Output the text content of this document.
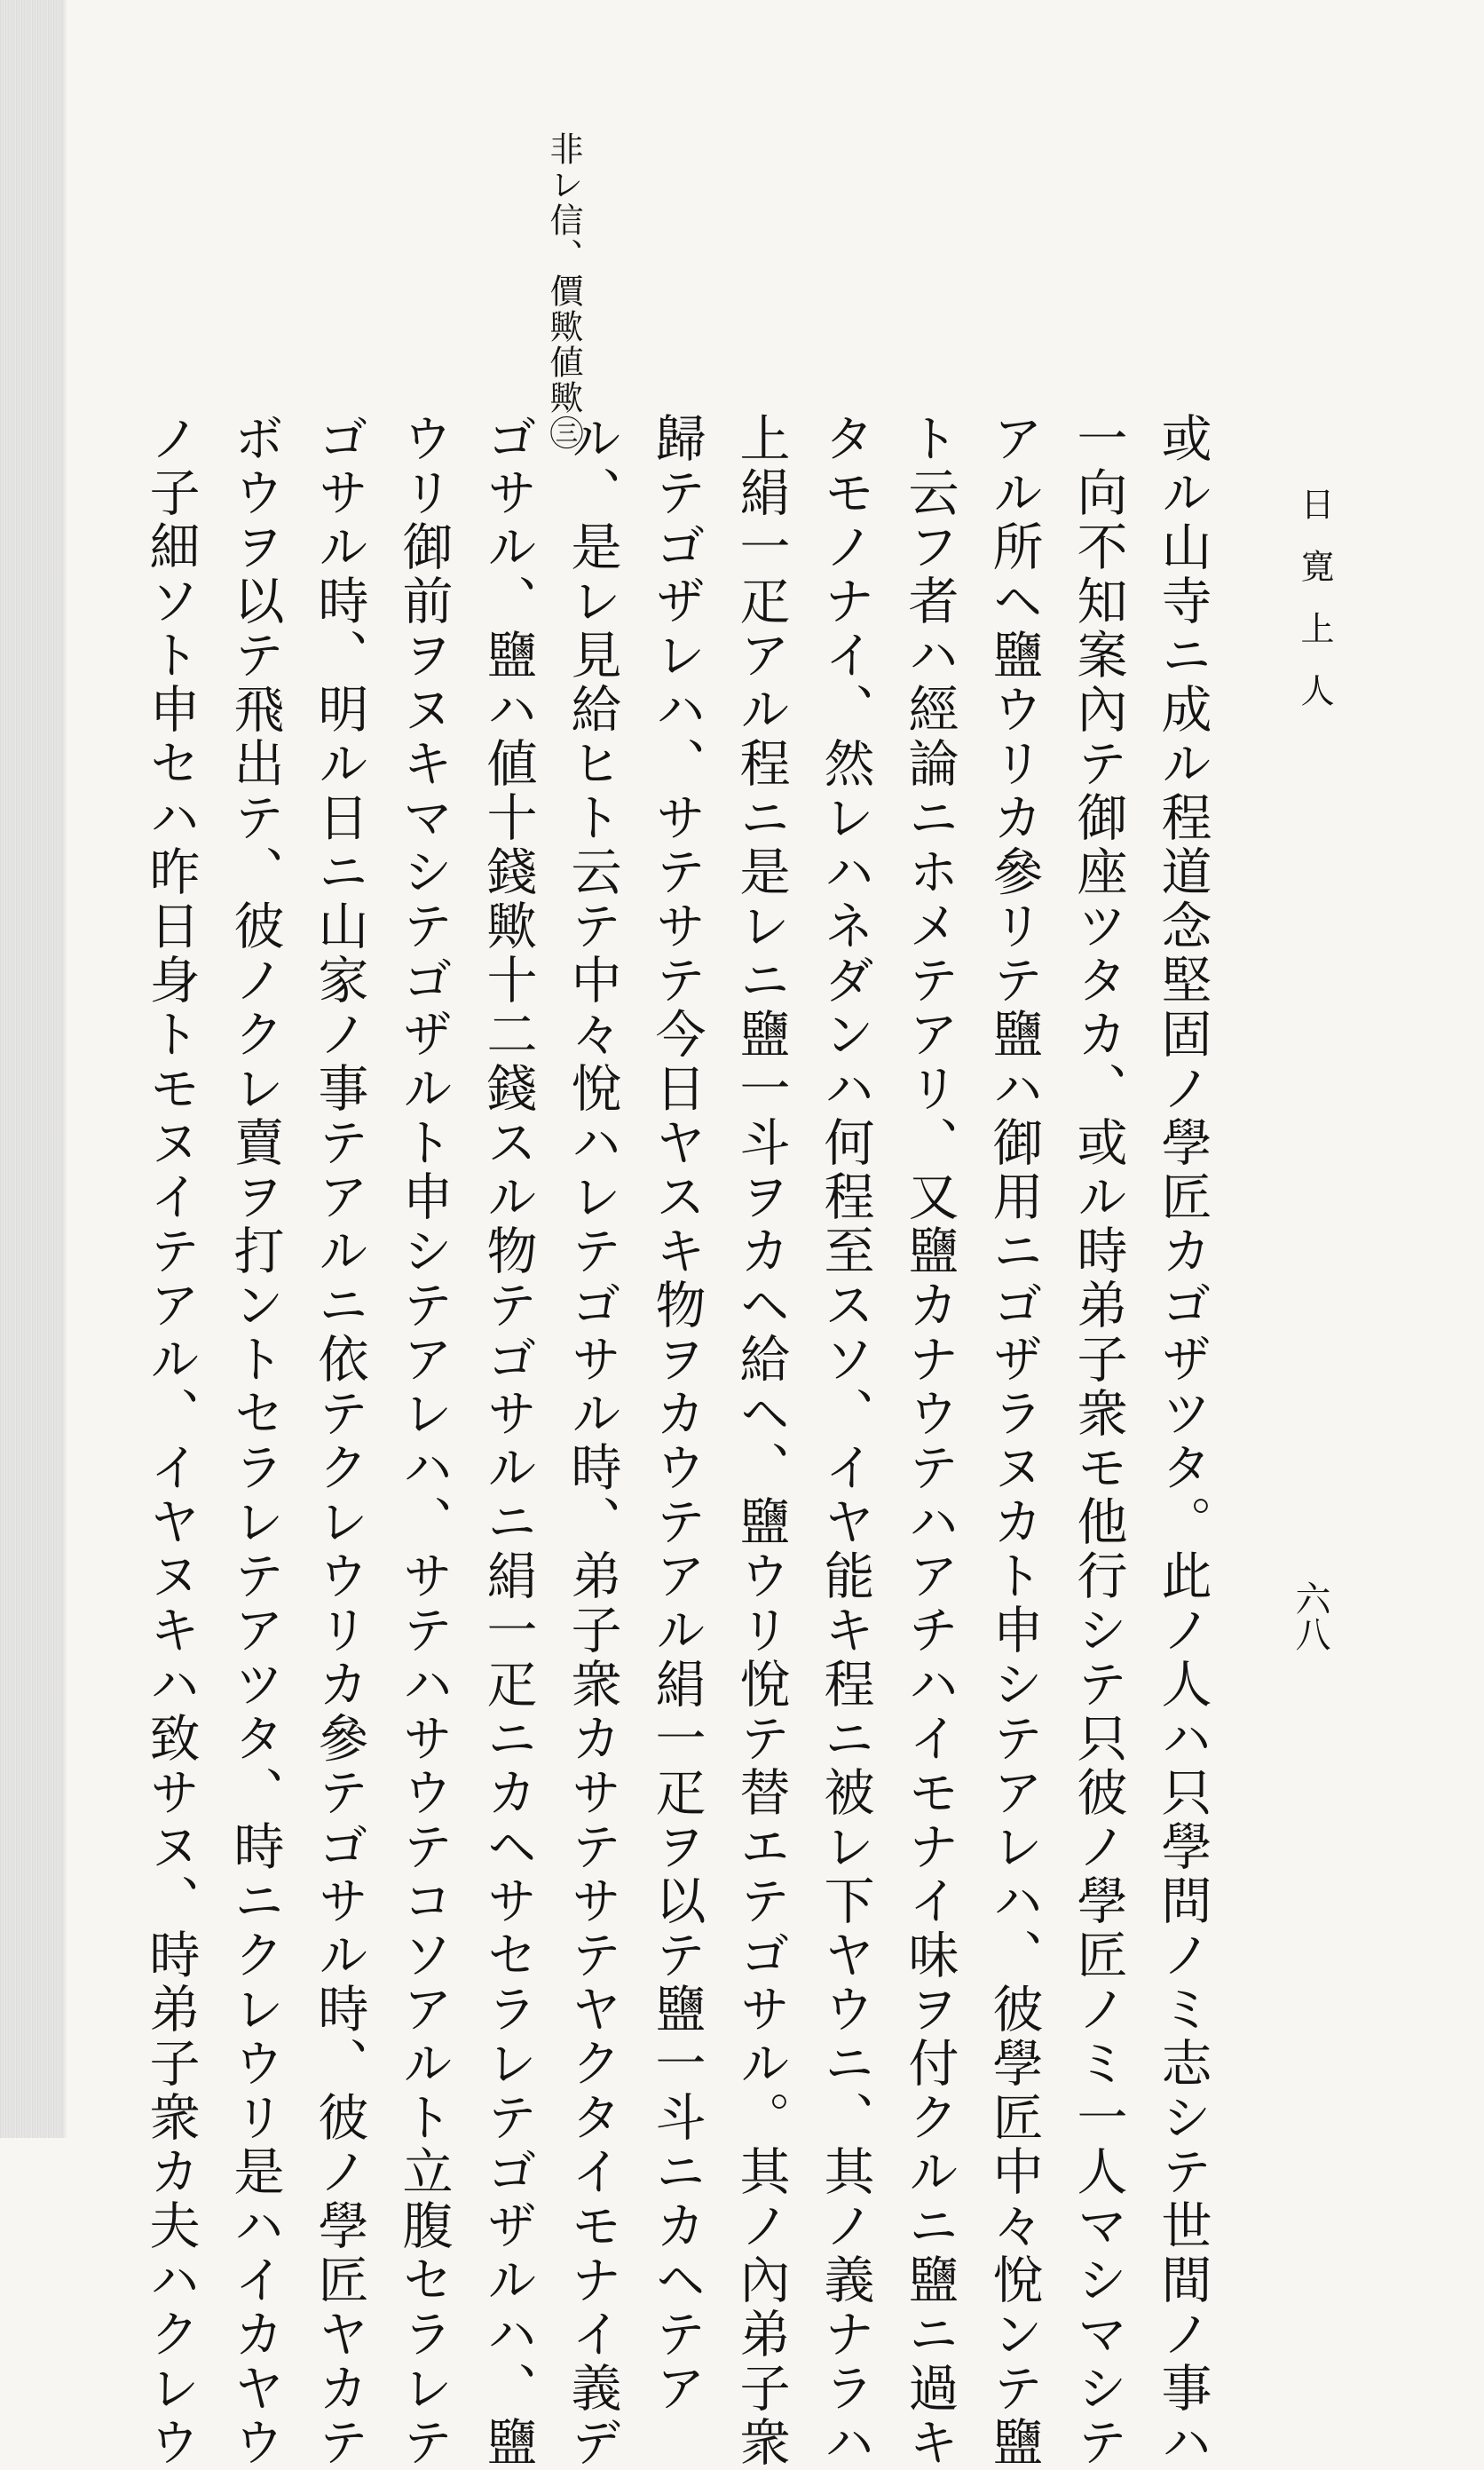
日寛上人
六八
非レ信、價歟値歟㊂
或ル山寺ニ成ル程道念堅固ノ學匠カゴザツタ。此ノ人ハ只學問ノミ志シテ世間ノ事ハ
一向不知案內テ御座ツタカ、或ル時弟子衆モ他行シテ只彼ノ學匠ノミ一人マシマシテ
アル所ヘ鹽ウリカ參リテ鹽ハ御用ニゴザラヌカト申シテアレハ、彼學匠中々悅ンテ鹽
ト云フ者ハ經論ニホメテアリ、又鹽カナウテハアチハイモナイ味ヲ付クルニ鹽ニ過キ
タモノナイ、然レハネダンハ何程至スソ、イヤ能キ程ニ被レ下ヤウニ、其ノ義ナラハ
上絹一疋アル程ニ是レニ鹽一斗ヲカヘ給ヘ、鹽ウリ悅テ替エテゴサル。其ノ內弟子衆
歸テゴザレハ、サテサテ今日ヤスキ物ヲカウテアル絹一疋ヲ以テ鹽一斗ニカヘテア
ル、是レ見給ヒト云テ中々悅ハレテゴサル時、弟子衆カサテサテヤクタイモナイ義デ
ゴサル、鹽ハ値十錢歟十二錢スル物テゴサルニ絹一疋ニカヘサセラレテゴザルハ、鹽
ウリ御前ヲヌキマシテゴザルト申シテアレハ、サテハサウテコソアルト立腹セラレテ
ゴサル時、明ル日ニ山家ノ事テアルニ依テクレウリカ參テゴサル時、彼ノ學匠ヤカテ
ボウヲ以テ飛出テ、彼ノクレ賣ヲ打ントセラレテアツタ、時ニクレウリ是ハイカヤウ
ノ子細ソト申セハ昨日身トモヌイテアル、イヤヌキハ致サヌ、時弟子衆カ夫ハクレウ
